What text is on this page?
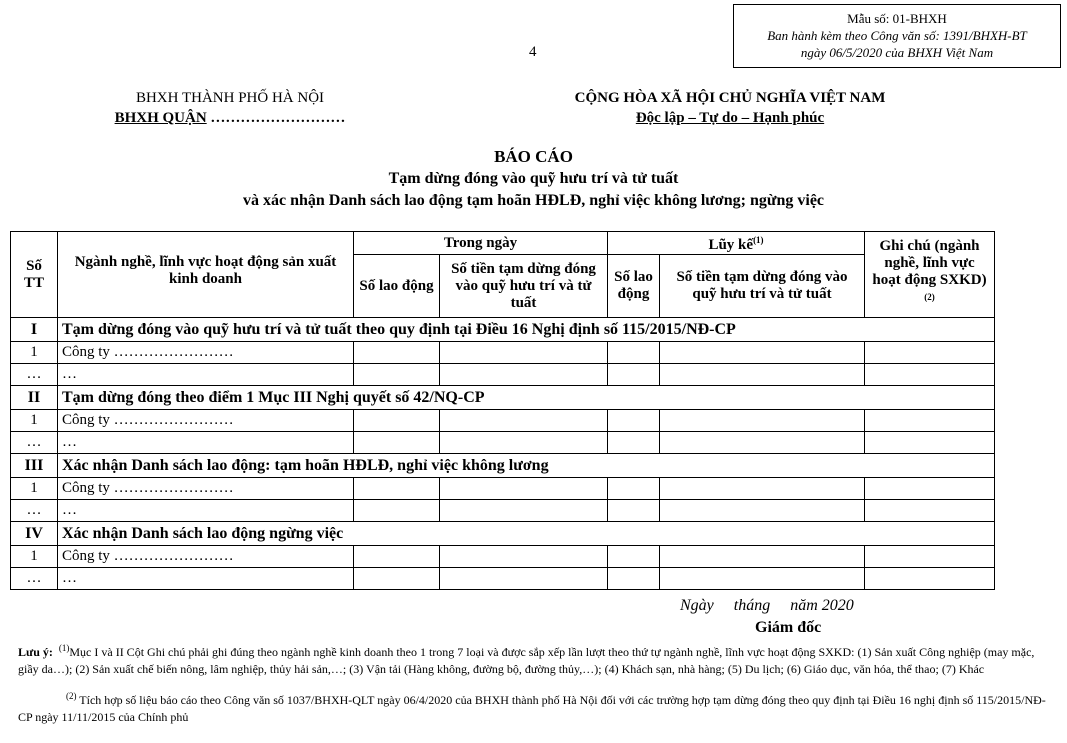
Mẫu số: 01-BHXH
Ban hành kèm theo Công văn số: 1391/BHXH-BT
ngày 06/5/2020 của BHXH Việt Nam
4
BHXH THÀNH PHỐ HÀ NỘI
BHXH QUẬN ………………………
CỘNG HÒA XÃ HỘI CHỦ NGHĨA VIỆT NAM
Độc lập – Tự do – Hạnh phúc
BÁO CÁO
Tạm dừng đóng vào quỹ hưu trí và tử tuất
và xác nhận Danh sách lao động tạm hoãn HĐLĐ, nghỉ việc không lương; ngừng việc
Số TT	Ngành nghề, lĩnh vực hoạt động sản xuất kinh doanh	Trong ngày		Lũy kế$^{(1)}$		Ghi chú (ngành nghề, lĩnh vực hoạt động SXKD)$^{(2)}$
		Số lao động	Số tiền tạm dừng đóng vào quỹ hưu trí và tử tuất	Số lao động	Số tiền tạm dừng đóng vào quỹ hưu trí và tử tuất	
I	Tạm dừng đóng vào quỹ hưu trí và tử tuất theo quy định tại Điều 16 Nghị định số 115/2015/NĐ-CP					
1	Công ty ……………………					
…	…					
II	Tạm dừng đóng theo điểm 1 Mục III Nghị quyết số 42/NQ-CP					
1	Công ty ……………………					
…	…					
III	Xác nhận Danh sách lao động: tạm hoãn HĐLĐ, nghỉ việc không lương					
1	Công ty ……………………					
…	…					
IV	Xác nhận Danh sách lao động ngừng việc					
1	Công ty ……………………					
…	…					
Ngày     tháng     năm 2020
Giám đốc

Lưu ý: $^{(1)}$Mục I và II Cột Ghi chú phải ghi đúng theo ngành nghề kinh doanh theo 1 trong 7 loại và được sắp xếp lần lượt theo thứ tự ngành nghề, lĩnh vực hoạt động SXKD: (1) Sản xuất Công nghiệp (may mặc, giầy da…); (2) Sản xuất chế biến nông, lâm nghiệp, thủy hải sản,…; (3) Vận tải (Hàng không, đường bộ, đường thủy,…); (4) Khách sạn, nhà hàng; (5) Du lịch; (6) Giáo dục, văn hóa, thể thao; (7) Khác

$^{(2)}$ Tích hợp số liệu báo cáo theo Công văn số 1037/BHXH-QLT ngày 06/4/2020 của BHXH thành phố Hà Nội đối với các trường hợp tạm dừng đóng theo quy định tại Điều 16 nghị định số 115/2015/NĐ-CP ngày 11/11/2015 của Chính phủ
